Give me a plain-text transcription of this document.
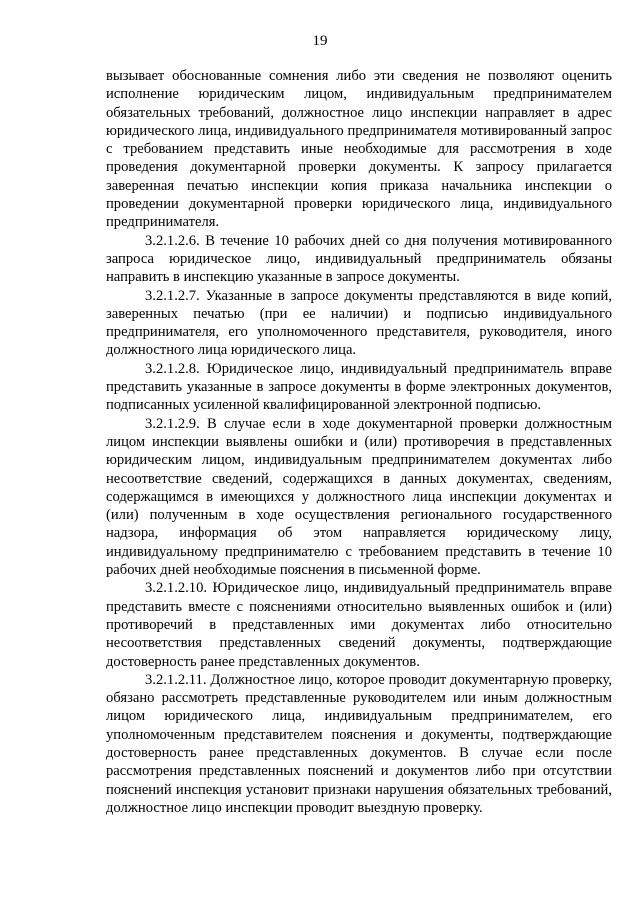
19

вызывает обоснованные сомнения либо эти сведения не позволяют оценить исполнение юридическим лицом, индивидуальным предпринимателем обязательных требований, должностное лицо инспекции направляет в адрес юридического лица, индивидуального предпринимателя мотивированный запрос с требованием представить иные необходимые для рассмотрения в ходе проведения документарной проверки документы. К запросу прилагается заверенная печатью инспекции копия приказа начальника инспекции о проведении документарной проверки юридического лица, индивидуального предпринимателя.

3.2.1.2.6. В течение 10 рабочих дней со дня получения мотивированного запроса юридическое лицо, индивидуальный предприниматель обязаны направить в инспекцию указанные в запросе документы.

3.2.1.2.7. Указанные в запросе документы представляются в виде копий, заверенных печатью (при ее наличии) и подписью индивидуального предпринимателя, его уполномоченного представителя, руководителя, иного должностного лица юридического лица.

3.2.1.2.8. Юридическое лицо, индивидуальный предприниматель вправе представить указанные в запросе документы в форме электронных документов, подписанных усиленной квалифицированной электронной подписью.

3.2.1.2.9. В случае если в ходе документарной проверки должностным лицом инспекции выявлены ошибки и (или) противоречия в представленных юридическим лицом, индивидуальным предпринимателем документах либо несоответствие сведений, содержащихся в данных документах, сведениям, содержащимся в имеющихся у должностного лица инспекции документах и (или) полученным в ходе осуществления регионального государственного надзора, информация об этом направляется юридическому лицу, индивидуальному предпринимателю с требованием представить в течение 10 рабочих дней необходимые пояснения в письменной форме.

3.2.1.2.10. Юридическое лицо, индивидуальный предприниматель вправе представить вместе с пояснениями относительно выявленных ошибок и (или) противоречий в представленных ими документах либо относительно несоответствия представленных сведений документы, подтверждающие достоверность ранее представленных документов.

3.2.1.2.11. Должностное лицо, которое проводит документарную проверку, обязано рассмотреть представленные руководителем или иным должностным лицом юридического лица, индивидуальным предпринимателем, его уполномоченным представителем пояснения и документы, подтверждающие достоверность ранее представленных документов. В случае если после рассмотрения представленных пояснений и документов либо при отсутствии пояснений инспекция установит признаки нарушения обязательных требований, должностное лицо инспекции проводит выездную проверку.
